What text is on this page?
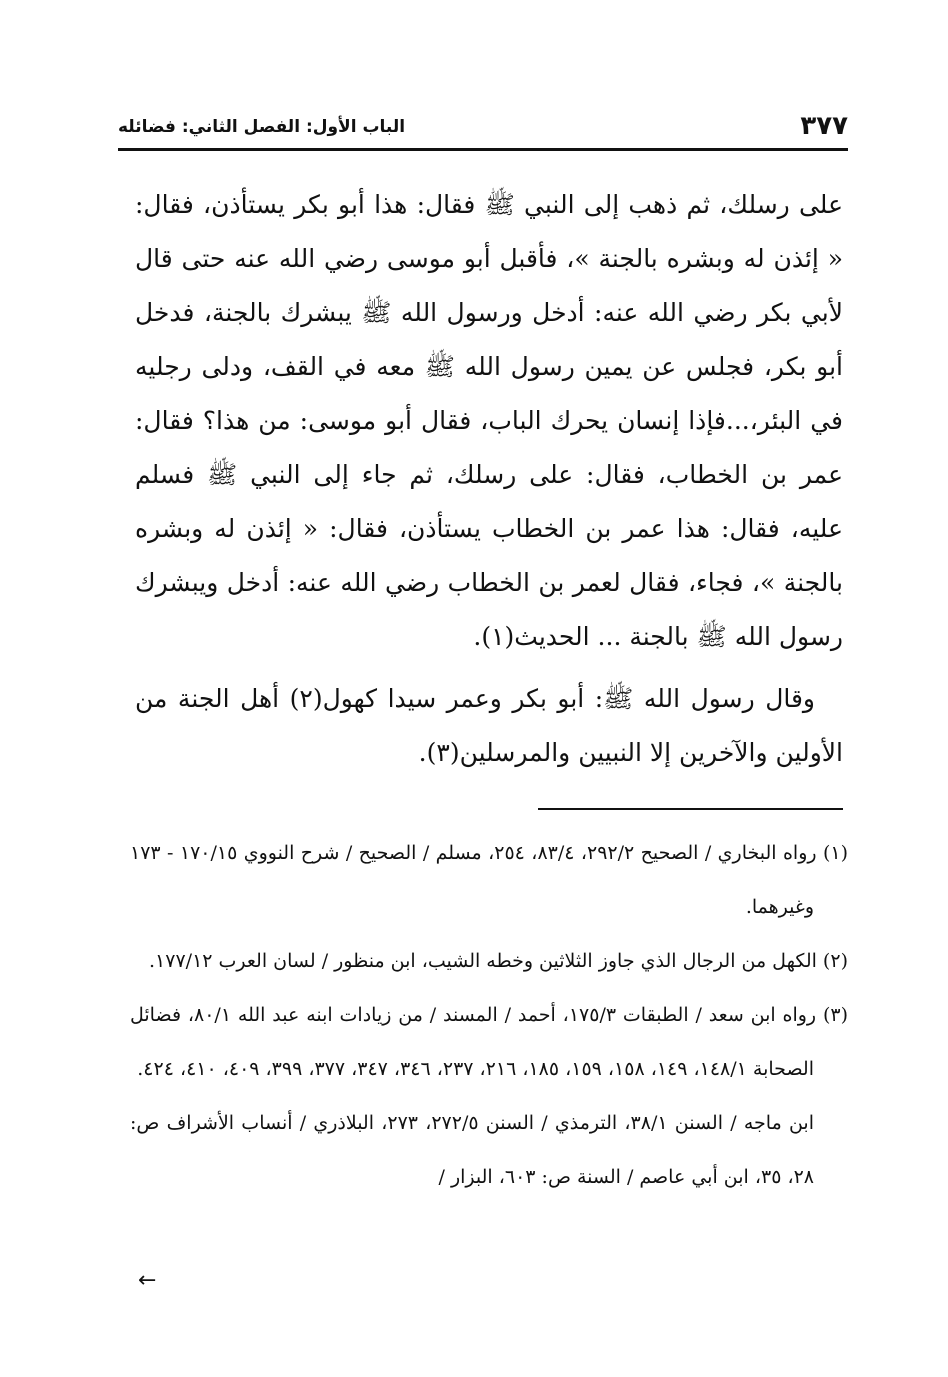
٣٧٧
الباب الأول: الفصل الثاني: فضائله

على رسلك، ثم ذهب إلى النبي ﷺ فقال: هذا أبو بكر يستأذن، فقال: « إئذن له وبشره بالجنة »، فأقبل أبو موسى رضي الله عنه حتى قال لأبي بكر رضي الله عنه: أدخل ورسول الله ﷺ يبشرك بالجنة، فدخل أبو بكر، فجلس عن يمين رسول الله ﷺ معه في القف، ودلى رجليه في البئر،...فإذا إنسان يحرك الباب، فقال أبو موسى: من هذا؟ فقال: عمر بن الخطاب، فقال: على رسلك، ثم جاء إلى النبي ﷺ فسلم عليه، فقال: هذا عمر بن الخطاب يستأذن، فقال: « إئذن له وبشره بالجنة »، فجاء، فقال لعمر بن الخطاب رضي الله عنه: أدخل ويبشرك رسول الله ﷺ بالجنة ... الحديث(١).

وقال رسول الله ﷺ: أبو بكر وعمر سيدا كهول(٢) أهل الجنة من الأولين والآخرين إلا النبيين والمرسلين(٣).

(١) رواه البخاري / الصحيح ٢٩٢/٢، ٨٣/٤، ٢٥٤، مسلم / الصحيح / شرح النووي ١٧٠/١٥ - ١٧٣ وغيرهما.

(٢) الكهل من الرجال الذي جاوز الثلاثين وخطه الشيب، ابن منظور / لسان العرب ١٧٧/١٢.

(٣) رواه ابن سعد / الطبقات ١٧٥/٣، أحمد / المسند / من زيادات ابنه عبد الله ٨٠/١، فضائل الصحابة ١٤٨/١، ١٤٩، ١٥٨، ١٥٩، ١٨٥، ٢١٦، ٢٣٧، ٣٤٦، ٣٤٧، ٣٧٧، ٣٩٩، ٤٠٩، ٤١٠، ٤٢٤.

ابن ماجه / السنن ٣٨/١، الترمذي / السنن ٢٧٢/٥، ٢٧٣، البلاذري / أنساب الأشراف ص: ٢٨، ٣٥، ابن أبي عاصم / السنة ص: ٦٠٣، البزار /

←
